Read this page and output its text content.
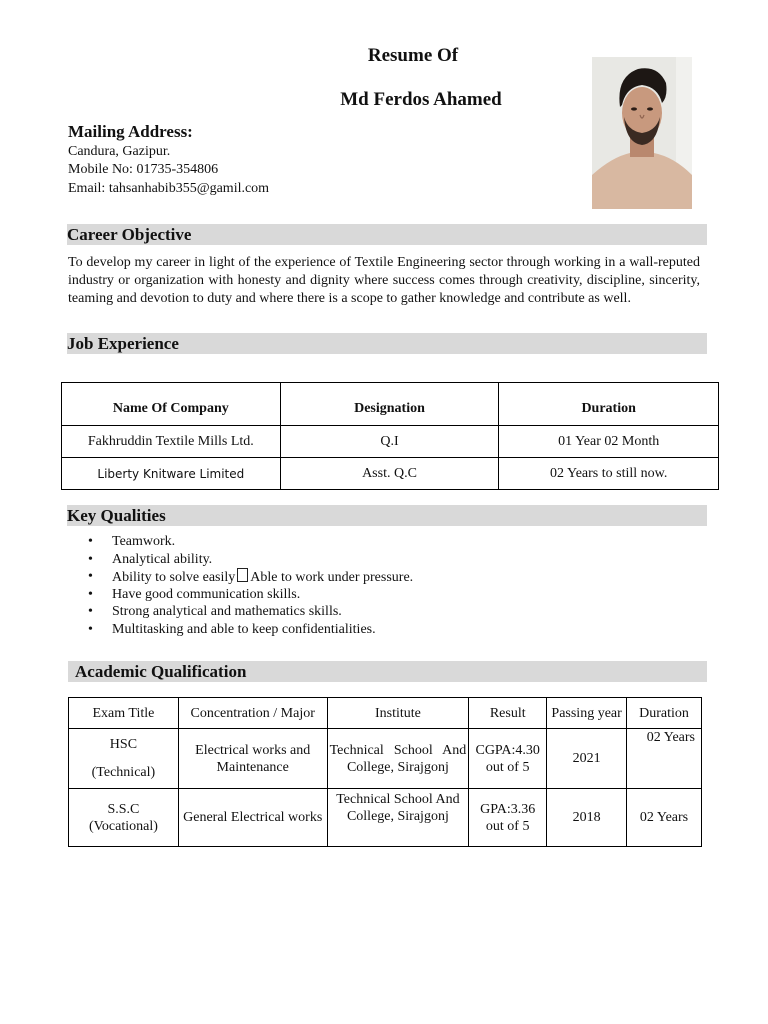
Resume Of
Md Ferdos Ahamed
Mailing Address:
Candura, Gazipur.
Mobile No: 01735-354806
Email: tahsanhabib355@gamil.com
Career Objective
To develop my career in light of the experience of Textile Engineering sector through working in a wall-reputed industry or organization with honesty and dignity where success comes through creativity, discipline, sincerity, teaming and devotion to duty and where there is a scope to gather knowledge and contribute as well.
Job Experience
Name Of Company	Designation	Duration
Fakhruddin Textile Mills Ltd.	Q.I	01 Year 02 Month
Liberty Knitware Limited	Asst. Q.C	02 Years to still now.
Key Qualities
• Teamwork.
• Analytical ability.
• Ability to solve easily Able to work under pressure.
• Have good communication skills.
• Strong analytical and mathematics skills.
• Multitasking and able to keep confidentialities.
Academic Qualification
Exam Title	Concentration / Major	Institute	Result	Passing year	Duration

HSC
(Technical)	Electrical works and Maintenance	Technical School And College, Sirajgonj	CGPA:4.30 out of 5	2021	02 Years

S.S.C
(Vocational)	General Electrical works	Technical School And College, Sirajgonj	GPA:3.36 out of 5	2018	02 Years
